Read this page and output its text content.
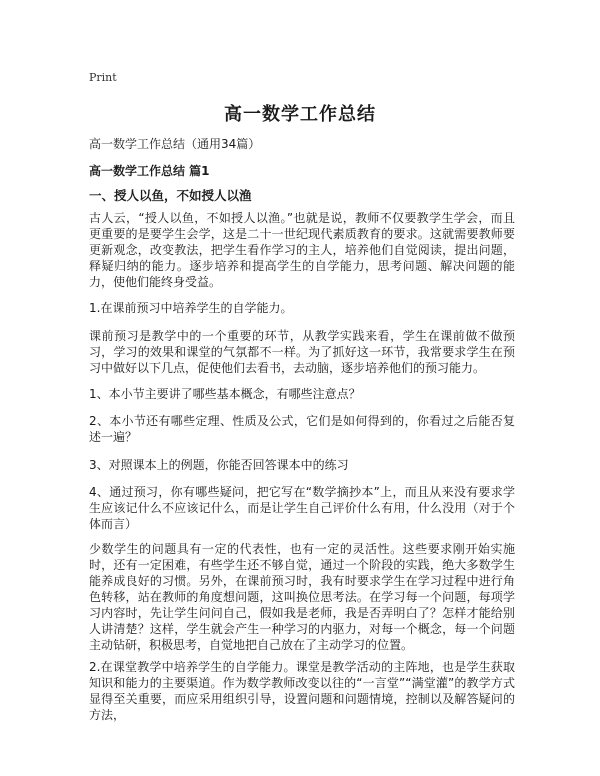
Print
高一数学工作总结
高一数学工作总结（通用34篇）
高一数学工作总结 篇1
一、授人以鱼，不如授人以渔

古人云，“授人以鱼，不如授人以渔。”也就是说，教师不仅要教学生学会，而且更重要的是要学生会学，这是二十一世纪现代素质教育的要求。这就需要教师要更新观念，改变教法，把学生看作学习的主人，培养他们自觉阅读，提出问题，释疑归纳的能力。逐步培养和提高学生的自学能力，思考问题、解决问题的能力，使他们能终身受益。

1.在课前预习中培养学生的自学能力。

课前预习是教学中的一个重要的环节，从教学实践来看，学生在课前做不做预习，学习的效果和课堂的气氛都不一样。为了抓好这一环节，我常要求学生在预习中做好以下几点，促使他们去看书，去动脑，逐步培养他们的预习能力。

1、本小节主要讲了哪些基本概念，有哪些注意点？

2、本小节还有哪些定理、性质及公式，它们是如何得到的，你看过之后能否复述一遍？

3、对照课本上的例题，你能否回答课本中的练习

4、通过预习，你有哪些疑问，把它写在“数学摘抄本”上，而且从来没有要求学生应该记什么不应该记什么，而是让学生自己评价什么有用，什么没用（对于个体而言）

少数学生的问题具有一定的代表性，也有一定的灵活性。这些要求刚开始实施时，还有一定困难，有些学生还不够自觉，通过一个阶段的实践，绝大多数学生能养成良好的习惯。另外，在课前预习时，我有时要求学生在学习过程中进行角色转移，站在教师的角度想问题，这叫换位思考法。在学习每一个问题，每项学习内容时，先让学生问问自己，假如我是老师，我是否弄明白了？怎样才能给别人讲清楚？这样，学生就会产生一种学习的内驱力，对每一个概念，每一个问题主动钻研，积极思考，自觉地把自己放在了主动学习的位置。

2.在课堂教学中培养学生的自学能力。课堂是教学活动的主阵地，也是学生获取知识和能力的主要渠道。作为数学教师改变以往的“一言堂”“满堂灌”的教学方式显得至关重要，而应采用组织引导，设置问题和问题情境，控制以及解答疑问的方法，
